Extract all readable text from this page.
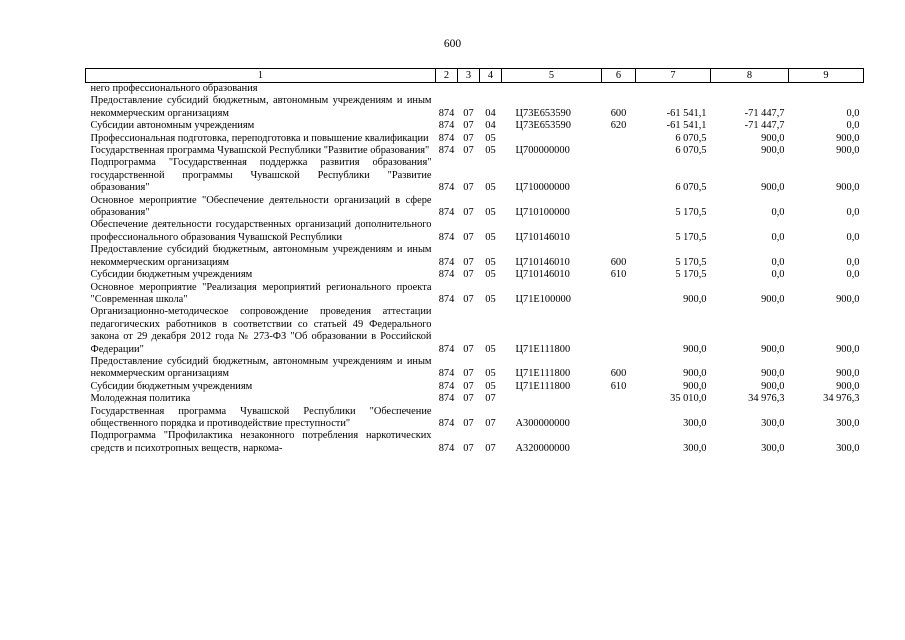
600
1	2	3	4	5	6	7	8	9
него профессионального образования								
Предоставление субсидий бюджетным, автономным учреждениям и иным некоммерческим организациям	874	07	04	Ц73Е653590	600	-61 541,1	-71 447,7	0,0
Субсидии автономным учреждениям	874	07	04	Ц73Е653590	620	-61 541,1	-71 447,7	0,0
Профессиональная подготовка, переподготовка и повышение квалификации	874	07	05			6 070,5	900,0	900,0
Государственная программа Чувашской Республики "Развитие образования"	874	07	05	Ц700000000		6 070,5	900,0	900,0
Подпрограмма "Государственная поддержка развития образования" государственной программы Чувашской Республики "Развитие образования"	874	07	05	Ц710000000		6 070,5	900,0	900,0
Основное мероприятие "Обеспечение деятельности организаций в сфере образования"	874	07	05	Ц710100000		5 170,5	0,0	0,0
Обеспечение деятельности государственных организаций дополнительного профессионального образования Чувашской Республики	874	07	05	Ц710146010		5 170,5	0,0	0,0
Предоставление субсидий бюджетным, автономным учреждениям и иным некоммерческим организациям	874	07	05	Ц710146010	600	5 170,5	0,0	0,0
Субсидии бюджетным учреждениям	874	07	05	Ц710146010	610	5 170,5	0,0	0,0
Основное мероприятие "Реализация мероприятий регионального проекта "Современная школа"	874	07	05	Ц71Е100000		900,0	900,0	900,0
Организационно-методическое сопровождение проведения аттестации педагогических работников в соответствии со статьей 49 Федерального закона от 29 декабря 2012 года № 273-ФЗ "Об образовании в Российской Федерации"	874	07	05	Ц71Е111800		900,0	900,0	900,0
Предоставление субсидий бюджетным, автономным учреждениям и иным некоммерческим организациям	874	07	05	Ц71Е111800	600	900,0	900,0	900,0
Субсидии бюджетным учреждениям	874	07	05	Ц71Е111800	610	900,0	900,0	900,0
Молодежная политика	874	07	07			35 010,0	34 976,3	34 976,3
Государственная программа Чувашской Республики "Обеспечение общественного порядка и противодействие преступности"	874	07	07	А300000000		300,0	300,0	300,0
Подпрограмма "Профилактика незаконного потребления наркотических средств и психотропных веществ, наркома-	874	07	07	А320000000		300,0	300,0	300,0
